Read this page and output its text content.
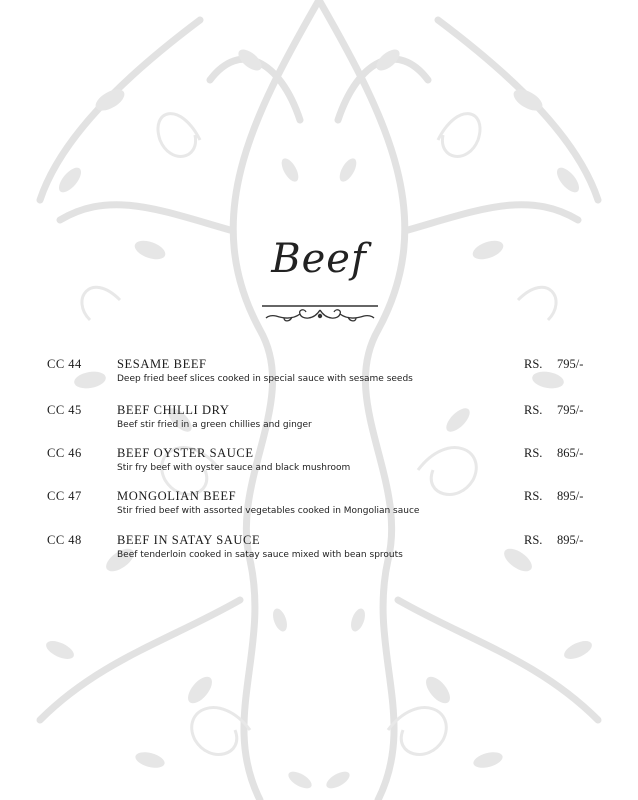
Beef
CC 44	SESAME BEEF
Deep fried beef slices cooked in special sauce with sesame seeds
RS. 795/-
CC 45	BEEF CHILLI DRY
Beef stir fried in a green chillies and ginger
RS. 795/-
CC 46	BEEF OYSTER SAUCE
Stir fry beef with oyster sauce and black mushroom
RS. 865/-
CC 47	MONGOLIAN BEEF
Stir fried beef with assorted vegetables cooked in Mongolian sauce
RS. 895/-
CC 48	BEEF IN SATAY SAUCE
Beef tenderloin cooked in satay sauce mixed with bean sprouts
RS. 895/-
